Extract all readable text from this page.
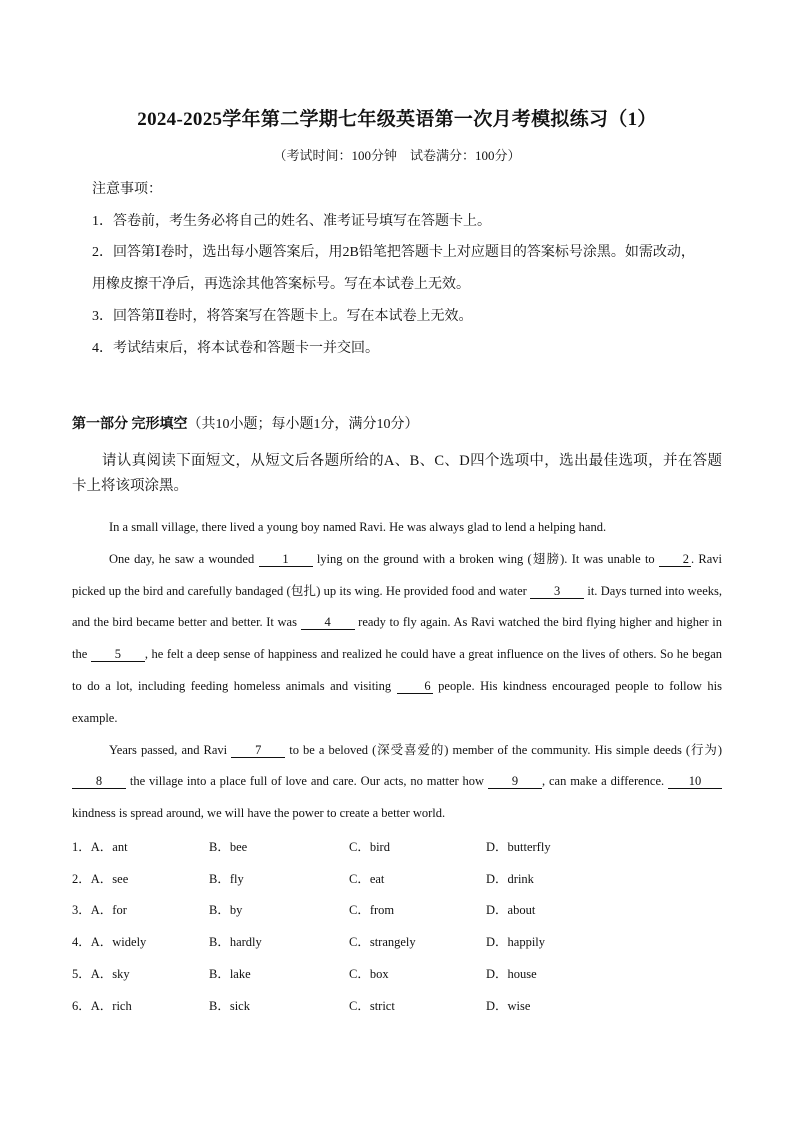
2024-2025学年第二学期七年级英语第一次月考模拟练习（1）
（考试时间：100分钟　试卷满分：100分）
注意事项：
1．答卷前，考生务必将自己的姓名、准考证号填写在答题卡上。
2．回答第Ⅰ卷时，选出每小题答案后，用2B铅笔把答题卡上对应题目的答案标号涂黑。如需改动，
用橡皮擦干净后，再选涂其他答案标号。写在本试卷上无效。
3．回答第Ⅱ卷时，将答案写在答题卡上。写在本试卷上无效。
4．考试结束后，将本试卷和答题卡一并交回。
第一部分 完形填空（共10小题；每小题1分，满分10分）
请认真阅读下面短文，从短文后各题所给的A、B、C、D四个选项中，选出最佳选项，并在答题卡上将该项涂黑。

In a small village, there lived a young boy named Ravi. He was always glad to lend a helping hand.

One day, he saw a wounded 1 lying on the ground with a broken wing (翅膀). It was unable to 2 . Ravi picked up the bird and carefully bandaged (包扎) up its wing. He provided food and water 3 it. Days turned into weeks, and the bird became better and better. It was 4 ready to fly again. As Ravi watched the bird flying higher and higher in the 5 , he felt a deep sense of happiness and realized he could have a great influence on the lives of others. So he began to do a lot, including feeding homeless animals and visiting 6 people. His kindness encouraged people to follow his example.

Years passed, and Ravi 7 to be a beloved (深受喜爱的) member of the community. His simple deeds (行为) 8 the village into a place full of love and care. Our acts, no matter how 9 , can make a difference. 10 kindness is spread around, we will have the power to create a better world.

1．A．ant	B．bee	C．bird	D．butterfly
2．A．see	B．fly	C．eat	D．drink
3．A．for	B．by	C．from	D．about
4．A．widely	B．hardly	C．strangely	D．happily
5．A．sky	B．lake	C．box	D．house
6．A．rich	B．sick	C．strict	D．wise
